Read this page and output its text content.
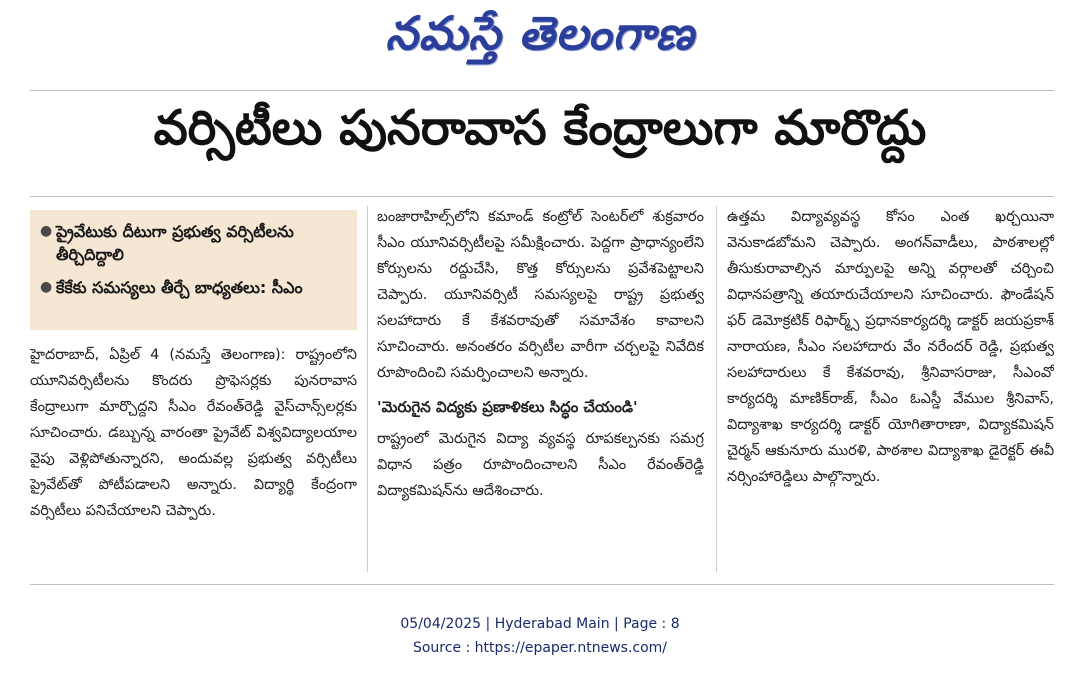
నమస్తే తెలంగాణ
వర్సిటీలు పునరావాస కేంద్రాలుగా మారొద్దు
● ప్రైవేటుకు దీటుగా ప్రభుత్వ వర్సిటీలను తీర్చిదిద్దాలి
● కేకేకు సమస్యలు తీర్చే బాధ్యతలు: సీఎం

హైదరాబాద్, ఏప్రిల్ 4 (నమస్తే తెలంగాణ): రాష్ట్రంలోని యూనివర్సిటీలను కొందరు ప్రొఫెసర్లకు పునరావాస కేంద్రాలుగా మార్చొద్దని సీఎం రేవంత్‌రెడ్డి వైస్‌చాన్స్‌లర్లకు సూచించారు. డబ్బున్న వారంతా ప్రైవేట్ విశ్వవిద్యాలయాల వైపు వెళ్లిపోతున్నారని, అందువల్ల ప్రభుత్వ వర్సిటీలు ప్రైవేట్‌తో పోటీపడాలని అన్నారు. విద్యార్థి కేంద్రంగా వర్సిటీలు పనిచేయాలని చెప్పారు.

బంజారాహిల్స్‌లోని కమాండ్ కంట్రోల్ సెంటర్‌లో శుక్రవారం సీఎం యూనివర్సిటీలపై సమీక్షించారు. పెద్దగా ప్రాధాన్యంలేని కోర్సులను రద్దుచేసి, కొత్త కోర్సులను ప్రవేశపెట్టాలని చెప్పారు. యూనివర్సిటీ సమస్యలపై రాష్ట్ర ప్రభుత్వ సలహాదారు కే కేశవరావుతో సమావేశం కావాలని సూచించారు. అనంతరం వర్సిటీల వారీగా చర్చలపై నివేదిక రూపొందించి సమర్పించాలని అన్నారు.

'మెరుగైన విద్యకు ప్రణాళికలు సిద్ధం చేయండి'

రాష్ట్రంలో మెరుగైన విద్యా వ్యవస్థ రూపకల్పనకు సమగ్ర విధాన పత్రం రూపొందించాలని సీఎం రేవంత్‌రెడ్డి విద్యాకమిషన్‌ను ఆదేశించారు.

ఉత్తమ విద్యావ్యవస్థ కోసం ఎంత ఖర్చయినా వెనుకాడబోమని చెప్పారు. అంగన్‌వాడీలు, పాఠశాలల్లో తీసుకురావాల్సిన మార్పులపై అన్ని వర్గాలతో చర్చించి విధానపత్రాన్ని తయారుచేయాలని సూచించారు. ఫౌండేషన్ ఫర్ డెమోక్రటిక్ రిఫార్మ్స్ ప్రధానకార్యదర్శి డాక్టర్ జయప్రకాశ్ నారాయణ, సీఎం సలహాదారు వేం నరేందర్ రెడ్డి, ప్రభుత్వ సలహాదారులు కే కేశవరావు, శ్రీనివాసరాజు, సీఎంవో కార్యదర్శి మాణిక్‌రాజ్, సీఎం ఓఎస్డీ వేముల శ్రీనివాస్, విద్యాశాఖ కార్యదర్శి డాక్టర్ యోగితారాణా, విద్యాకమిషన్ చైర్మన్ ఆకునూరు మురళి, పాఠశాల విద్యాశాఖ డైరెక్టర్ ఈవీ నర్సింహారెడ్డిలు పాల్గొన్నారు.

05/04/2025 | Hyderabad Main | Page : 8
Source : https://epaper.ntnews.com/
